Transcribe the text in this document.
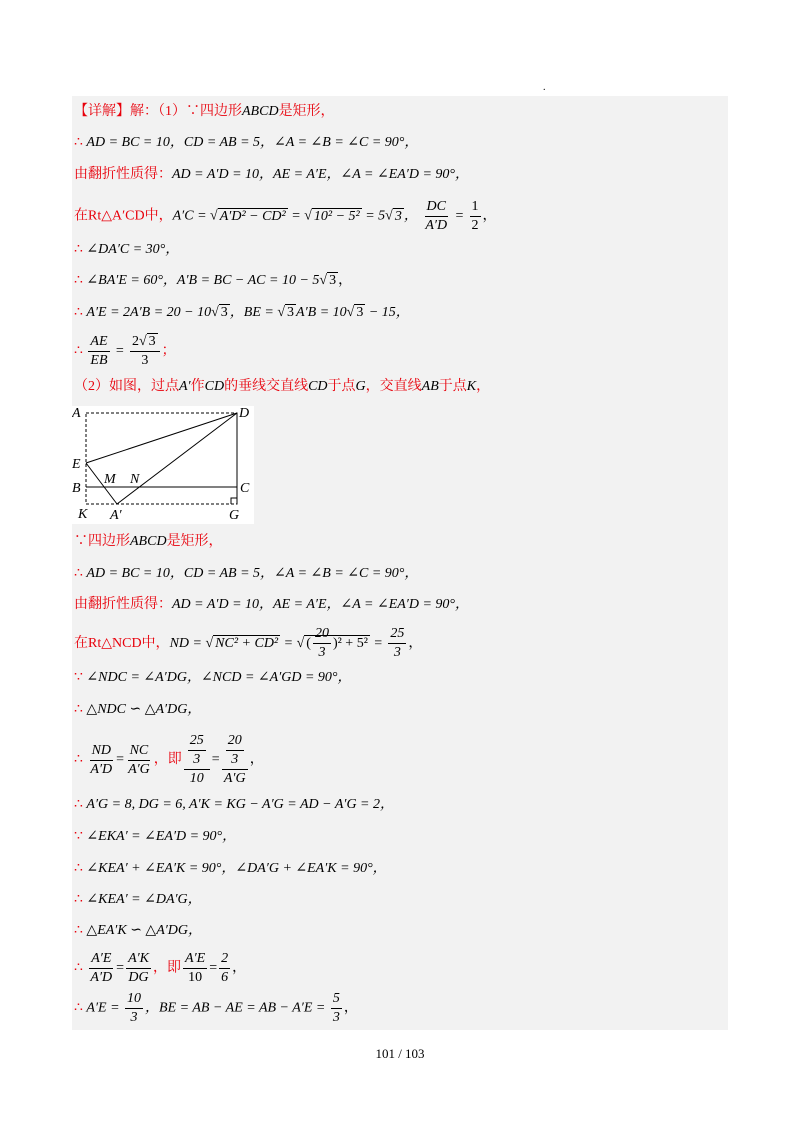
.
【详解】解：（1）∵四边形ABCD是矩形，
∴ AD = BC = 10，CD = AB = 5，∠A = ∠B = ∠C = 90°，
由翻折性质得：AD = A′D = 10，AE = A′E，∠A = ∠EA′D = 90°，
在Rt△A′CD中，A′C = √ A′D² − CD² = √ 10² − 5² = 5√ 3 ， $\frac{DC}{A'D} = \frac{1}{2}$ ，
∴ ∠DA′C = 30°，
∴ ∠BA′E = 60°，A′B = BC − AC = 10 − 5√ 3 ，
∴ A′E = 2A′B = 20 − 10√ 3 ，BE = √ 3 A′B = 10√ 3 − 15，
∴ $\frac{AE}{EB} = \frac{2√ 3}{3}$ ；
（2）如图，过点A′作CD的垂线交直线CD于点G，交直线AB于点K，
A	D
E
B
M N
C
K A′	G
∵四边形ABCD是矩形，
∴ AD = BC = 10，CD = AB = 5，∠A = ∠B = ∠C = 90°，
由翻折性质得：AD = A′D = 10，AE = A′E，∠A = ∠EA′D = 90°，
在Rt△NCD中，ND = √ NC² + CD² = √ ( $\frac{20}{3} )^2 + 5^2 = \frac{25}{3}$ ，
∵ ∠NDC = ∠A′DG，∠NCD = ∠A′GD = 90°，
∴ △NDC ∽ △A′DG，
∴ $\frac{ND}{A'D} = \frac{NC}{A'G}$ ，即 $\frac{\frac{25}{3}}{10} = \frac{\frac{20}{3}}{A'G}$ ，
∴ A′G = 8, DG = 6, A′K = KG − A′G = AD − A′G = 2，
∵ ∠EKA′ = ∠EA′D = 90°，
∴ ∠KEA′ + ∠EA′K = 90°，∠DA′G + ∠EA′K = 90°，
∴ ∠KEA′ = ∠DA′G，
∴ △EA′K ∽ △A′DG，
∴ $\frac{A'E}{A'D} = \frac{A'K}{DG}$ ，即 $\frac{A'E}{10} = \frac{2}{6}$ ，
∴ $A'E = \frac{10}{3}$ ，BE = AB − AE = AB − $A'E = \frac{5}{3}$ ，
101 / 103
